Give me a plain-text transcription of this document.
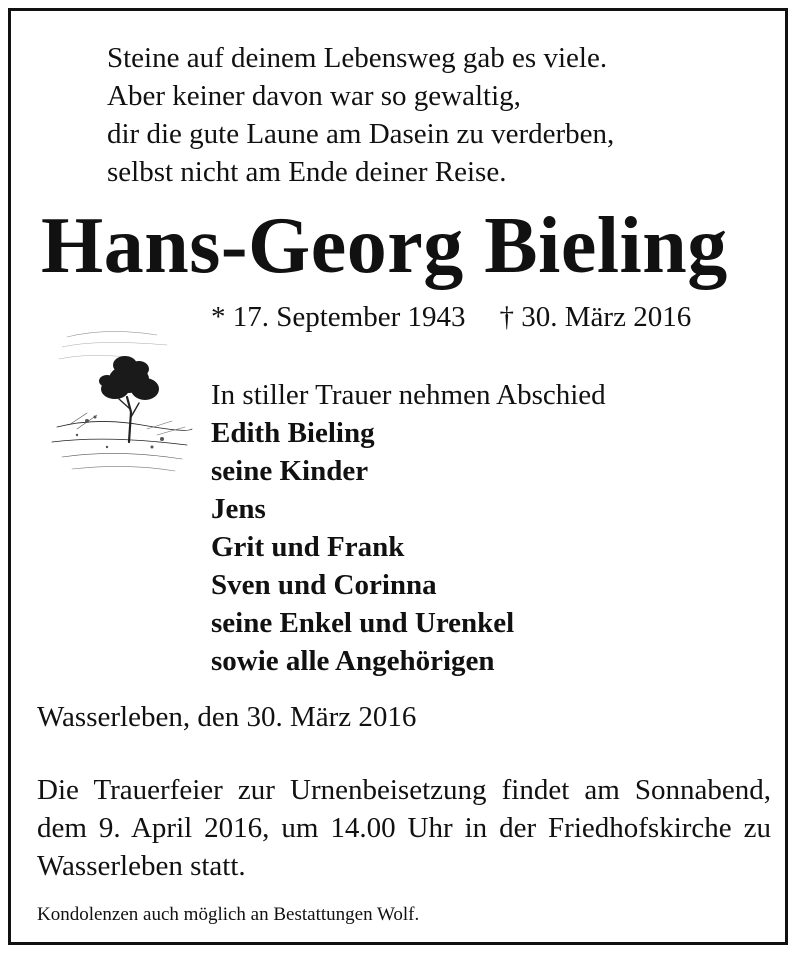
Steine auf deinem Lebensweg gab es viele.
Aber keiner davon war so gewaltig,
dir die gute Laune am Dasein zu verderben,
selbst nicht am Ende deiner Reise.
Hans-Georg Bieling
* 17. September 1943 † 30. März 2016
In stiller Trauer nehmen Abschied
Edith Bieling
seine Kinder
Jens
Grit und Frank
Sven und Corinna
seine Enkel und Urenkel
sowie alle Angehörigen
Wasserleben, den 30. März 2016
Die Trauerfeier zur Urnenbeisetzung findet am Sonnabend, dem 9. April 2016, um 14.00 Uhr in der Friedhofskirche zu Wasserleben statt.
Kondolenzen auch möglich an Bestattungen Wolf.
